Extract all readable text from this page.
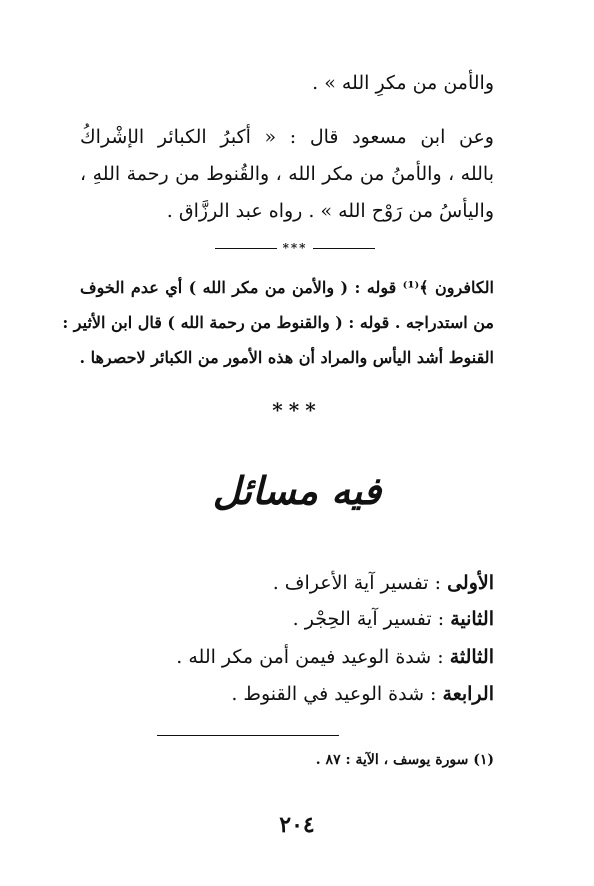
والأمن من مكرِ الله » .
وعن ابن مسعود قال : « أكبرُ الكبائر الإشْراكُ
بالله ، والأمنُ من مكر الله ، والقُنوط من رحمة اللهِ ،
واليأسُ من رَوْح الله » . رواه عبد الرزَّاق .
***
الكافرون ﴾⁽¹⁾ قوله : ( والأمن من مكر الله ) أي عدم الخوف
من استدراجه . قوله : ( والقنوط من رحمة الله ) قال ابن الأثير :
القنوط أشد اليأس والمراد أن هذه الأمور من الكبائر لاحصرها .
***
فيه مسائل
الأولى : تفسير آية الأعراف .
الثانية : تفسير آية الحِجْر .
الثالثة : شدة الوعيد فيمن أمن مكر الله .
الرابعة : شدة الوعيد في القنوط .
(١) سورة يوسف ، الآية : ٨٧ .
٢٠٤
